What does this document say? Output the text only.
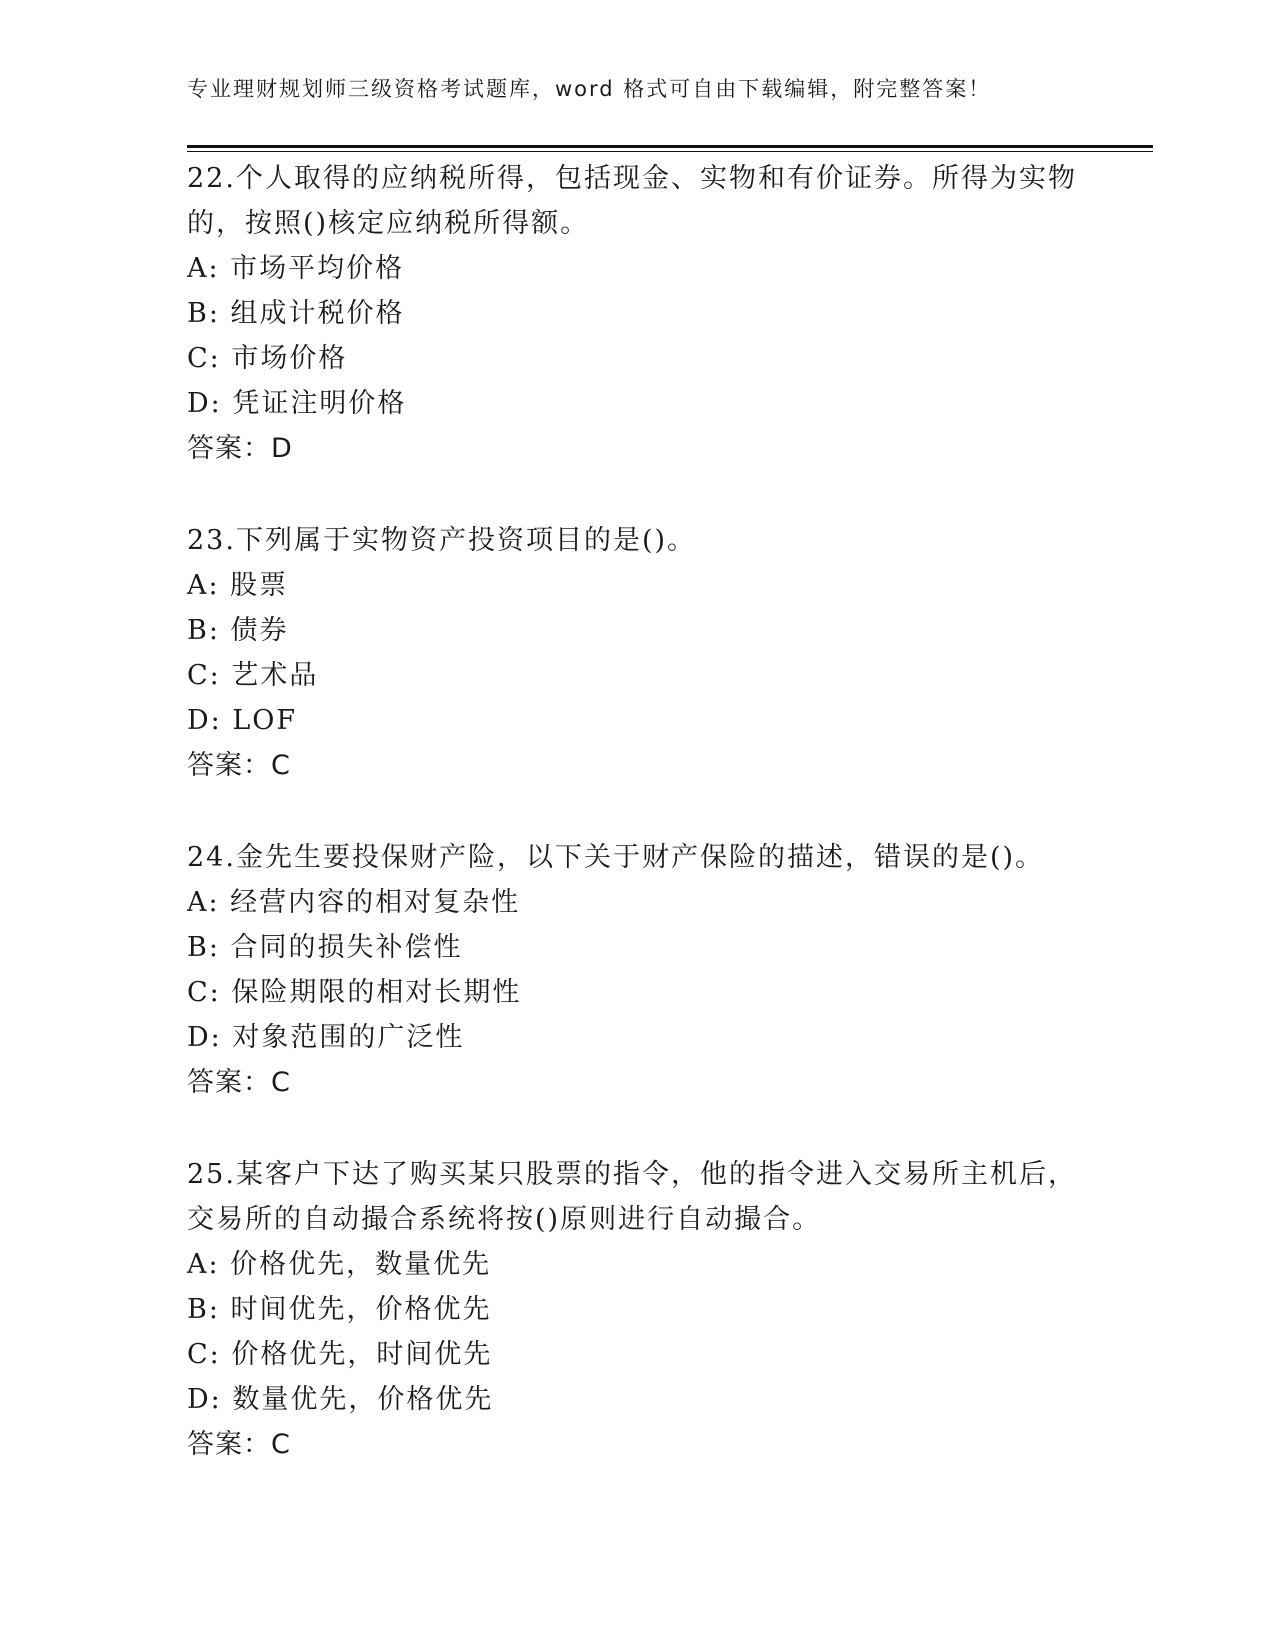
专业理财规划师三级资格考试题库，word 格式可自由下载编辑，附完整答案！

22.个人取得的应纳税所得，包括现金、实物和有价证券。所得为实物

的，按照()核定应纳税所得额。

A: 市场平均价格

B: 组成计税价格

C: 市场价格

D: 凭证注明价格

答案：D

23.下列属于实物资产投资项目的是()。

A: 股票

B: 债券

C: 艺术品

D: LOF

答案：C

24.金先生要投保财产险，以下关于财产保险的描述，错误的是()。

A: 经营内容的相对复杂性

B: 合同的损失补偿性

C: 保险期限的相对长期性

D: 对象范围的广泛性

答案：C

25.某客户下达了购买某只股票的指令，他的指令进入交易所主机后，

交易所的自动撮合系统将按()原则进行自动撮合。

A: 价格优先，数量优先

B: 时间优先，价格优先

C: 价格优先，时间优先

D: 数量优先，价格优先

答案：C
